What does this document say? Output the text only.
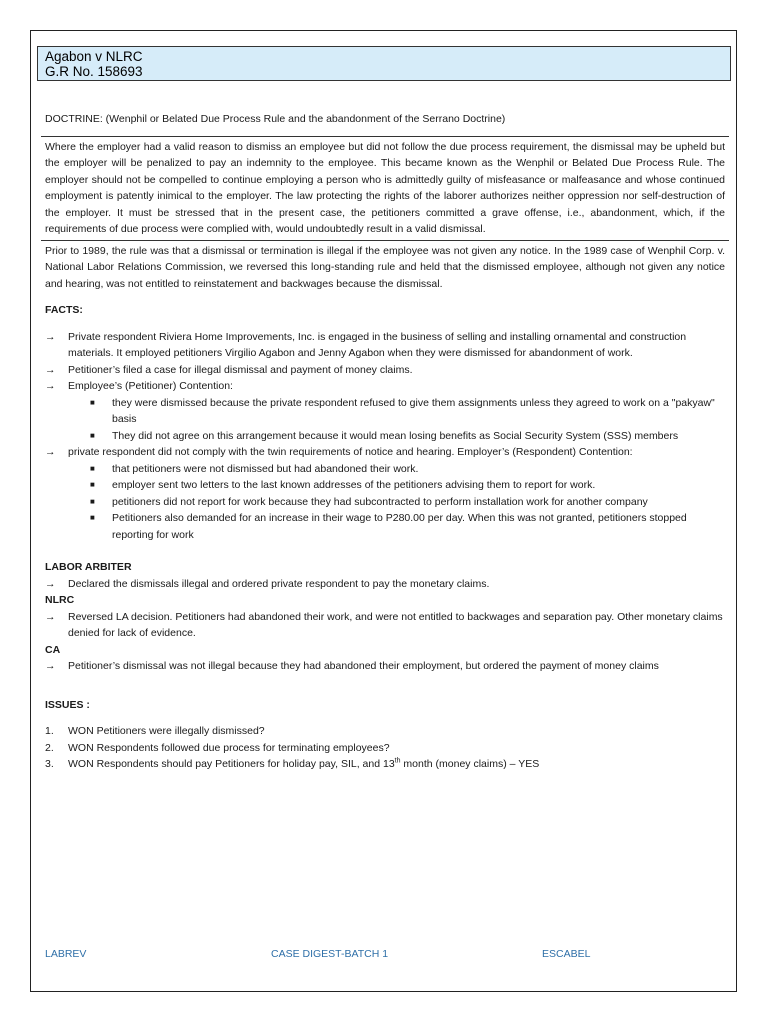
Agabon v NLRC
G.R No. 158693

DOCTRINE: (Wenphil or Belated Due Process Rule and the abandonment of the Serrano Doctrine)

Where the employer had a valid reason to dismiss an employee but did not follow the due process requirement, the dismissal may be upheld but the employer will be penalized to pay an indemnity to the employee. This became known as the Wenphil or Belated Due Process Rule. The employer should not be compelled to continue employing a person who is admittedly guilty of misfeasance or malfeasance and whose continued employment is patently inimical to the employer. The law protecting the rights of the laborer authorizes neither oppression nor self-destruction of the employer. It must be stressed that in the present case, the petitioners committed a grave offense, i.e., abandonment, which, if the requirements of due process were complied with, would undoubtedly result in a valid dismissal.

Prior to 1989, the rule was that a dismissal or termination is illegal if the employee was not given any notice. In the 1989 case of Wenphil Corp. v. National Labor Relations Commission, we reversed this long-standing rule and held that the dismissed employee, although not given any notice and hearing, was not entitled to reinstatement and backwages because the dismissal.

FACTS:

→	Private respondent Riviera Home Improvements, Inc. is engaged in the business of selling and installing ornamental and construction materials. It employed petitioners Virgilio Agabon and Jenny Agabon when they were dismissed for abandonment of work.
→	Petitioner’s filed a case for illegal dismissal and payment of money claims.
→	Employee’s (Petitioner) Contention:
■	they were dismissed because the private respondent refused to give them assignments unless they agreed to work on a "pakyaw" basis
■	They did not agree on this arrangement because it would mean losing benefits as Social Security System (SSS) members
→	private respondent did not comply with the twin requirements of notice and hearing. Employer’s (Respondent) Contention:
■	that petitioners were not dismissed but had abandoned their work.
■	employer sent two letters to the last known addresses of the petitioners advising them to report for work.
■	petitioners did not report for work because they had subcontracted to perform installation work for another company
■	Petitioners also demanded for an increase in their wage to P280.00 per day. When this was not granted, petitioners stopped reporting for work

LABOR ARBITER

→	Declared the dismissals illegal and ordered private respondent to pay the monetary claims.

NLRC

→	Reversed LA decision. Petitioners had abandoned their work, and were not entitled to backwages and separation pay. Other monetary claims denied for lack of evidence.

CA

→	Petitioner’s dismissal was not illegal because they had abandoned their employment, but ordered the payment of money claims

ISSUES :

1.	WON Petitioners were illegally dismissed?
2.	WON Respondents followed due process for terminating employees?
3.	WON Respondents should pay Petitioners for holiday pay, SIL, and 13th month (money claims) – YES
LABREV	CASE DIGEST-BATCH 1	ESCABEL
